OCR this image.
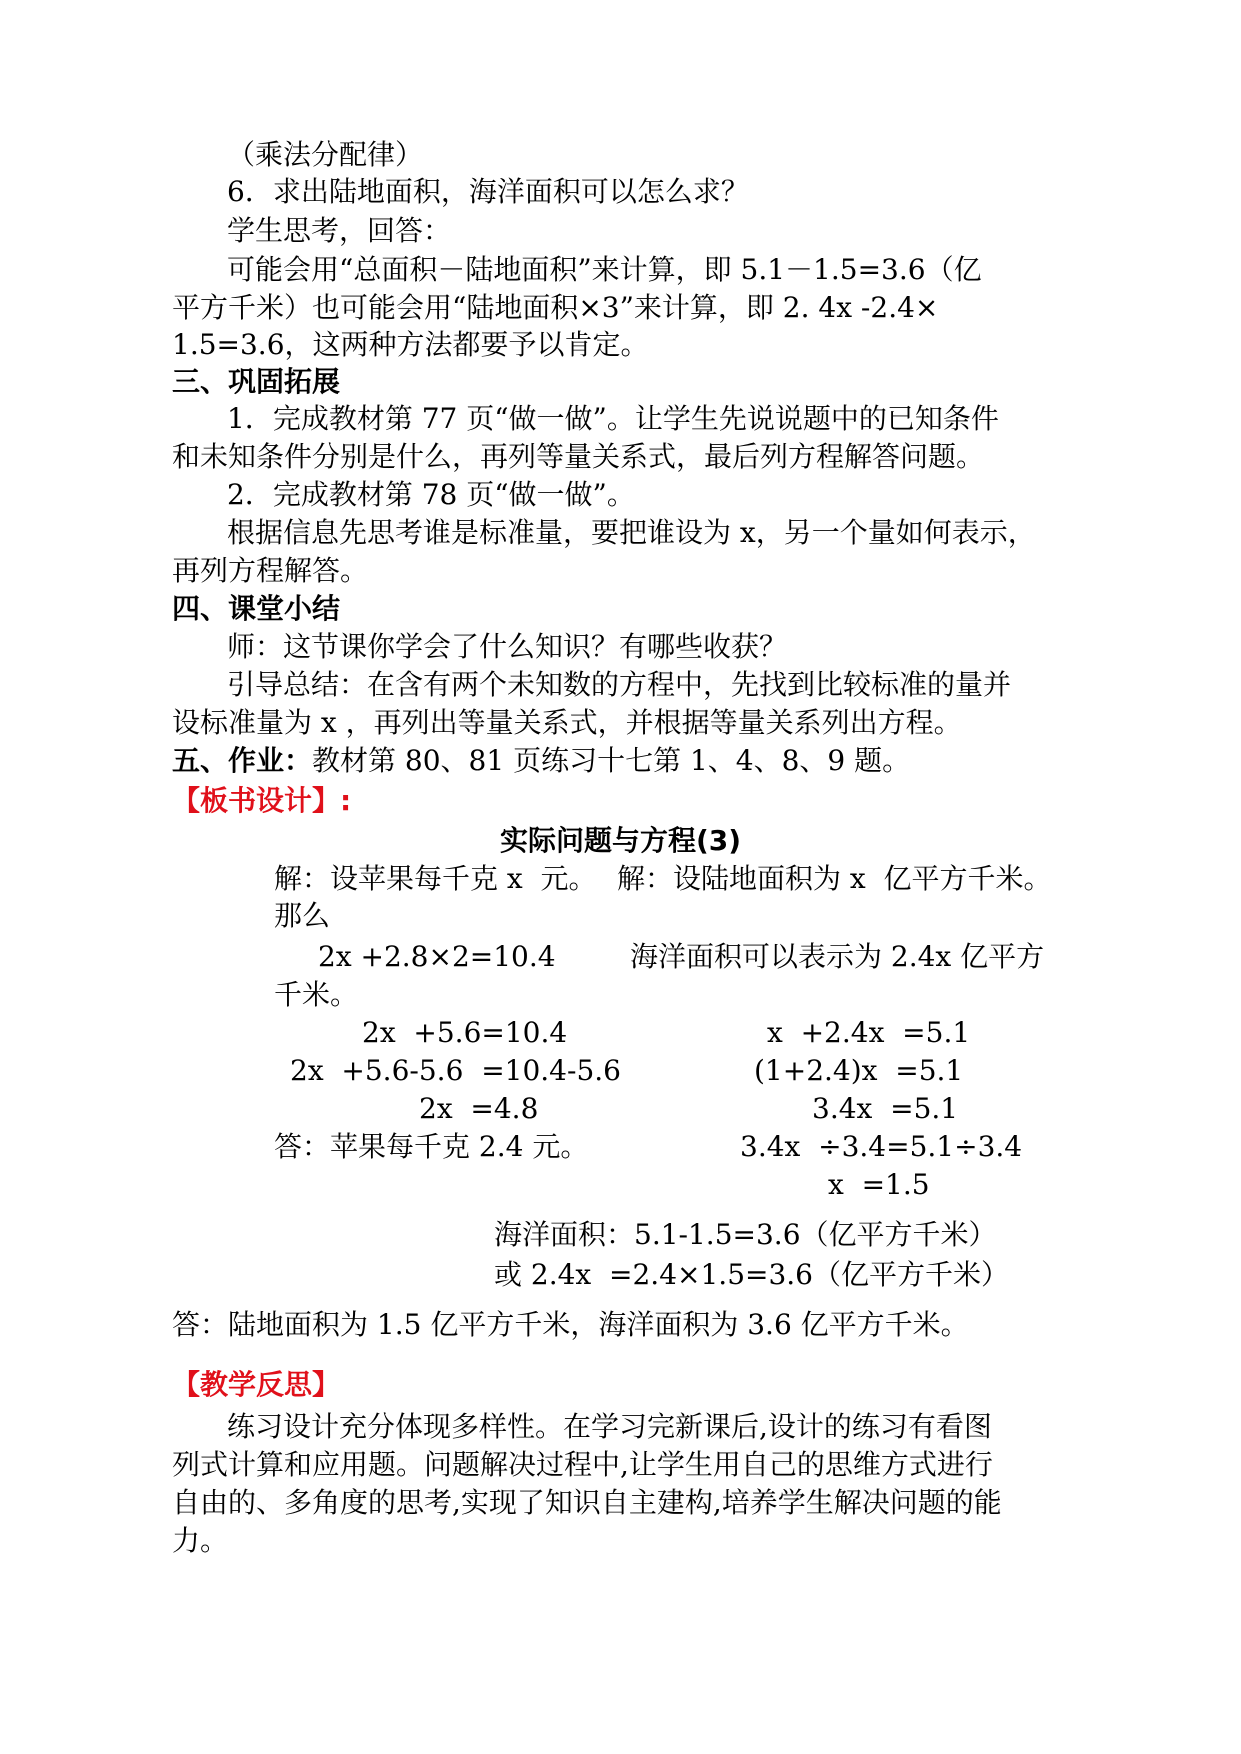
（乘法分配律）
6．求出陆地面积，海洋面积可以怎么求？
学生思考，回答：
可能会用“总面积－陆地面积”来计算，即 5.1－1.5=3.6（亿
平方千米）也可能会用“陆地面积×3”来计算，即 2. 4x -2.4×
1.5=3.6，这两种方法都要予以肯定。
三、巩固拓展
1．完成教材第 77 页“做一做”。让学生先说说题中的已知条件
和未知条件分别是什么，再列等量关系式，最后列方程解答问题。
2．完成教材第 78 页“做一做”。
根据信息先思考谁是标准量，要把谁设为 x，另一个量如何表示，
再列方程解答。
四、课堂小结
师：这节课你学会了什么知识？有哪些收获？
引导总结：在含有两个未知数的方程中，先找到比较标准的量并
设标准量为 x ，再列出等量关系式，并根据等量关系列出方程。
五、作业：教材第 80、81 页练习十七第 1、4、8、9 题。
【板书设计】:
实际问题与方程(3)
解：设苹果每千克 x  元。 解：设陆地面积为 x  亿平方千米。
那么
2x +2.8×2=10.4	海洋面积可以表示为 2.4x 亿平方
千米。
2x  +5.6=10.4	x  +2.4x  =5.1
2x  +5.6-5.6  =10.4-5.6	(1+2.4)x  =5.1
2x  =4.8	3.4x  =5.1
答：苹果每千克 2.4 元。	3.4x  ÷3.4=5.1÷3.4
x  =1.5
海洋面积：5.1-1.5=3.6（亿平方千米）
或 2.4x  =2.4×1.5=3.6（亿平方千米）
答：陆地面积为 1.5 亿平方千米，海洋面积为 3.6 亿平方千米。
【教学反思】
练习设计充分体现多样性。在学习完新课后,设计的练习有看图
列式计算和应用题。问题解决过程中,让学生用自己的思维方式进行
自由的、多角度的思考,实现了知识自主建构,培养学生解决问题的能
力。
